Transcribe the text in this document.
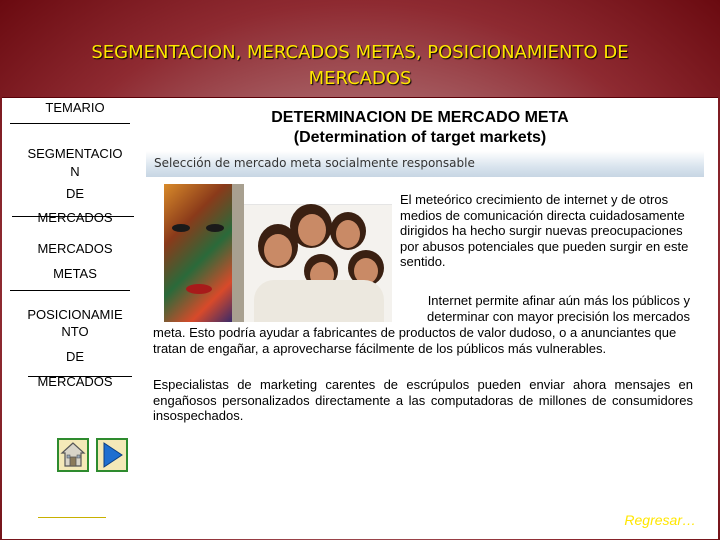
SEGMENTACION, MERCADOS METAS, POSICIONAMIENTO DE
MERCADOS
TEMARIO
SEGMENTACIO
N
DE
MERCADOS
MERCADOS
METAS
POSICIONAMIE
NTO
DE
MERCADOS
DETERMINACION DE MERCADO META
(Determination of target markets)
Selección de mercado meta socialmente responsable
El meteórico crecimiento de internet y de otros medios de comunicación directa cuidadosamente dirigidos ha hecho surgir nuevas preocupaciones por abusos potenciales que pueden surgir en este sentido.
Internet permite afinar aún más los públicos y determinar con mayor precisión los mercados
meta. Esto podría ayudar a fabricantes de productos de valor dudoso, o a anunciantes que tratan de engañar, a aprovecharse fácilmente de los públicos más vulnerables.
Especialistas de marketing carentes de escrúpulos pueden enviar ahora mensajes en engañosos personalizados directamente a las computadoras de millones de consumidores insospechados.
Regresar…
